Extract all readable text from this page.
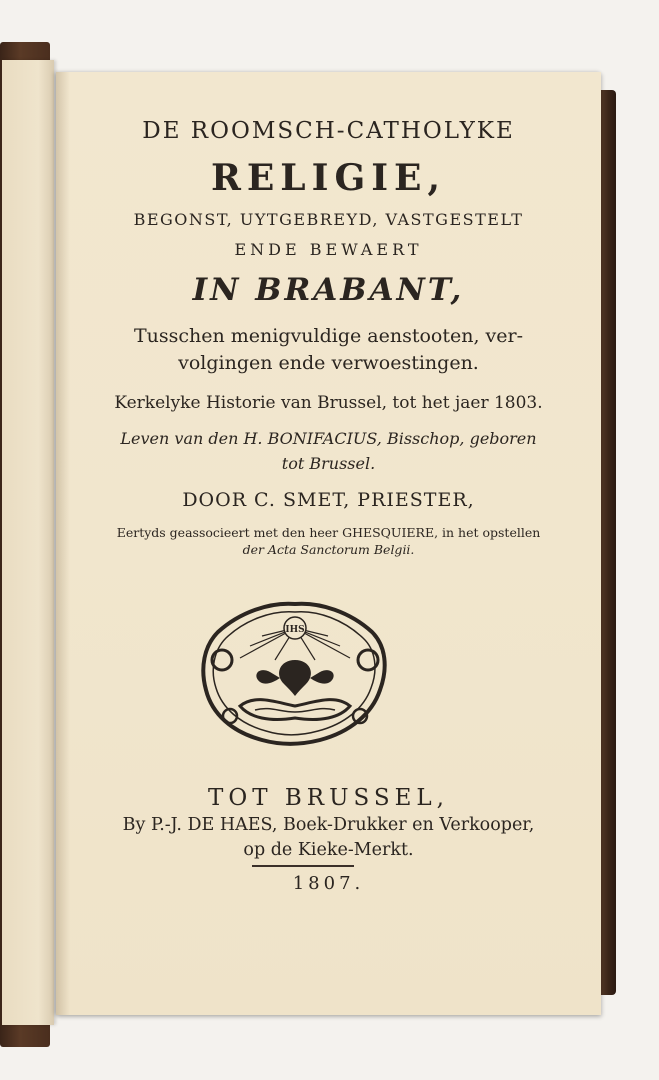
DE ROOMSCH-CATHOLYKE
RELIGIE,
BEGONST, UYTGEBREYD, VASTGESTELT
ENDE BEWAERT
IN BRABANT,
Tusschen menigvuldige aenstooten, ver-
volgingen ende verwoestingen.
Kerkelyke Historie van Brussel, tot het jaer 1803.
Leven van den H. BONIFACIUS, Bisschop, geboren
tot Brussel.
DOOR C. SMET, PRIESTER,
Eertyds geassocieert met den heer GHESQUIERE, in het opstellen
der Acta Sanctorum Belgii.
IHS
TOT BRUSSEL,
By P.-J. DE HAES, Boek-Drukker en Verkooper,
op de Kieke-Merkt.
1807.
